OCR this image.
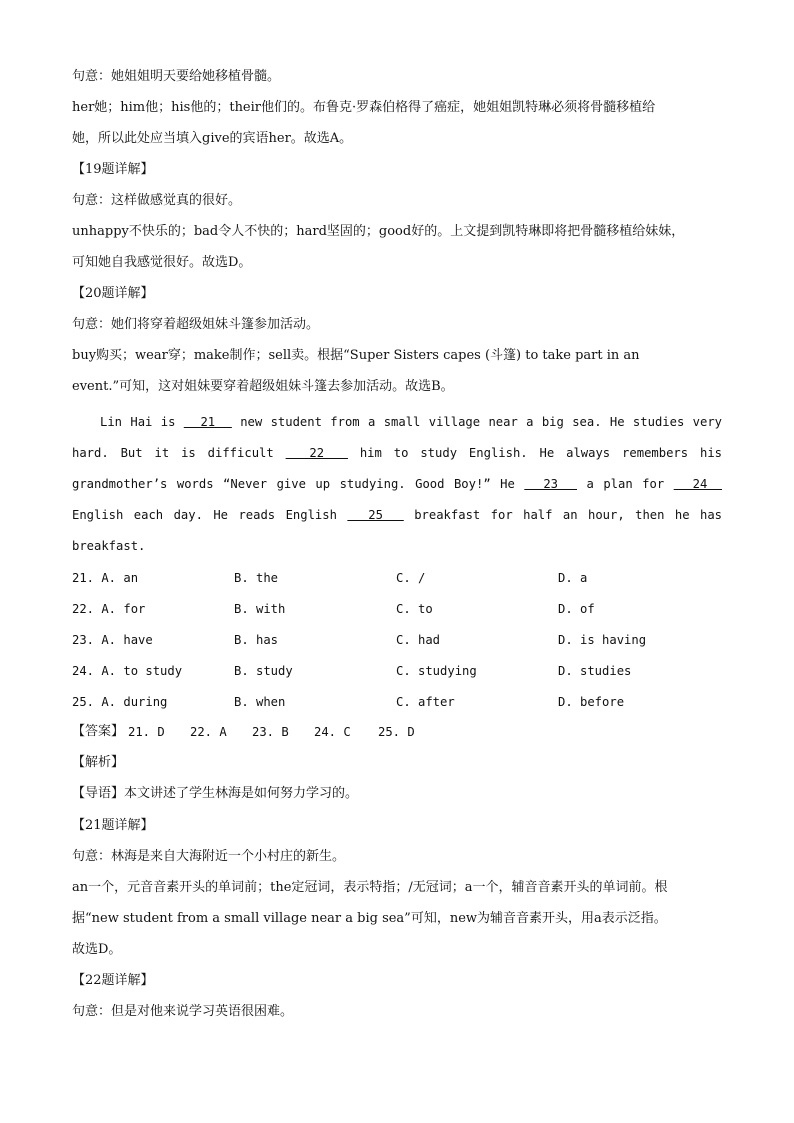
句意：她姐姐明天要给她移植骨髓。
her她；him他；his他的；their他们的。布鲁克·罗森伯格得了癌症，她姐姐凯特琳必须将骨髓移植给
她，所以此处应当填入give的宾语her。故选A。
【19题详解】
句意：这样做感觉真的很好。
unhappy不快乐的；bad令人不快的；hard坚固的；good好的。上文提到凯特琳即将把骨髓移植给妹妹，
可知她自我感觉很好。故选D。
【20题详解】
句意：她们将穿着超级姐妹斗篷参加活动。
buy购买；wear穿；make制作；sell卖。根据“Super Sisters capes (斗篷) to take part in an
event.”可知，这对姐妹要穿着超级姐妹斗篷去参加活动。故选B。
Lin Hai is   21   new student from a small village near a big sea. He studies very
hard. But it is difficult   22   him to study English. He always remembers his
grandmother’s words “Never give up studying. Good Boy!” He   23   a plan for   24
English each day. He reads English   25   breakfast for half an hour, then he has
breakfast.
21. A. an	B. the	C. /	D. a
22. A. for	B. with	C. to	D. of
23. A. have	B. has	C. had	D. is having
24. A. to study	B. study	C. studying	D. studies
25. A. during	B. when	C. after	D. before
【答案】 21. D 22. A 23. B 24. C 25. D
【解析】
【导语】本文讲述了学生林海是如何努力学习的。
【21题详解】
句意：林海是来自大海附近一个小村庄的新生。
an一个，元音音素开头的单词前；the定冠词，表示特指；/无冠词；a一个，辅音音素开头的单词前。根
据“new student from a small village near a big sea”可知，new为辅音音素开头，用a表示泛指。
故选D。
【22题详解】
句意：但是对他来说学习英语很困难。
